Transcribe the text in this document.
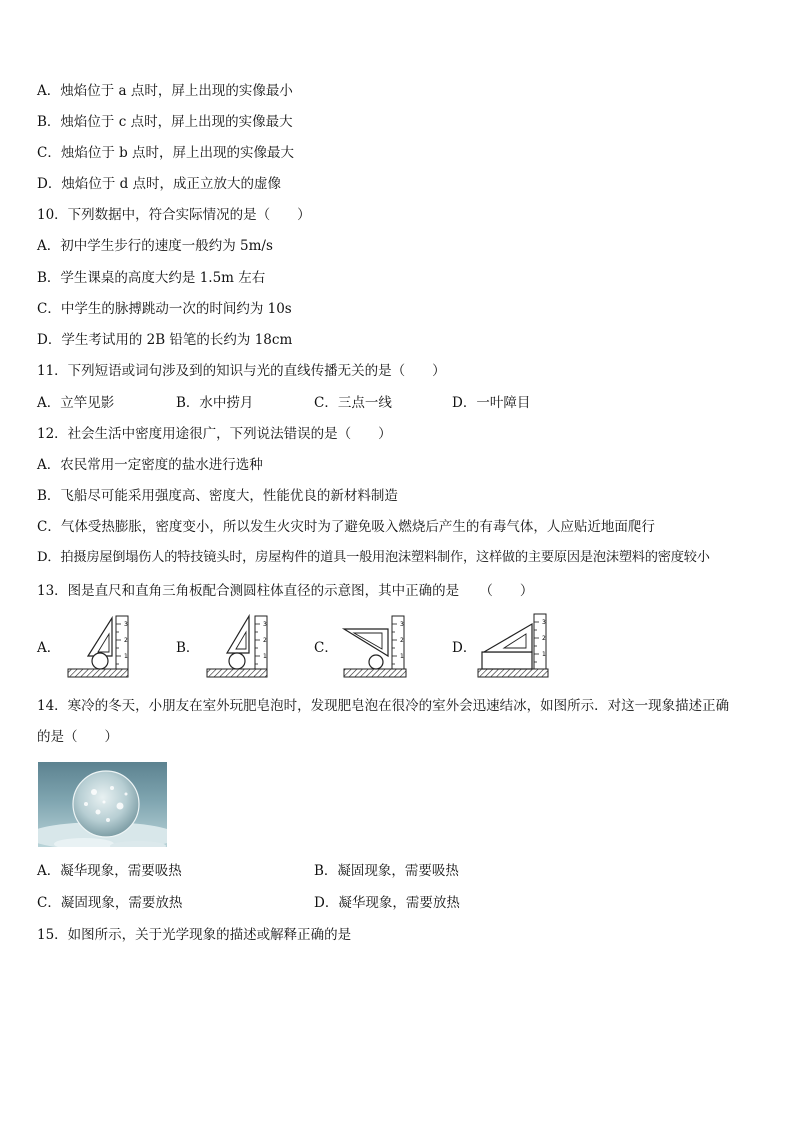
A．烛焰位于 a 点时，屏上出现的实像最小
B．烛焰位于 c 点时，屏上出现的实像最大
C．烛焰位于 b 点时，屏上出现的实像最大
D．烛焰位于 d 点时，成正立放大的虚像
10．下列数据中，符合实际情况的是（　　）
A．初中学生步行的速度一般约为 5m/s
B．学生课桌的高度大约是 1.5m 左右
C．中学生的脉搏跳动一次的时间约为 10s
D．学生考试用的 2B 铅笔的长约为 18cm
11．下列短语或词句涉及到的知识与光的直线传播无关的是（　　）
A．立竿见影	B．水中捞月	C．三点一线	D．一叶障目
12．社会生活中密度用途很广，下列说法错误的是（　　）
A．农民常用一定密度的盐水进行选种
B．飞船尽可能采用强度高、密度大，性能优良的新材料制造
C．气体受热膨胀，密度变小，所以发生火灾时为了避免吸入燃烧后产生的有毒气体，人应贴近地面爬行
D．拍摄房屋倒塌伤人的特技镜头时，房屋构件的道具一般用泡沫塑料制作，这样做的主要原因是泡沫塑料的密度较小
13．图是直尺和直角三角板配合测圆柱体直径的示意图，其中正确的是　　（　　）
A．	B．	C．	D．
3
2
1
3
2
1
3
2
1
3
2
1
14．寒冷的冬天，小朋友在室外玩肥皂泡时，发现肥皂泡在很冷的室外会迅速结冰，如图所示．对这一现象描述正确
的是（　　）
A．凝华现象，需要吸热	B．凝固现象，需要吸热
C．凝固现象，需要放热	D．凝华现象，需要放热
15．如图所示，关于光学现象的描述或解释正确的是
